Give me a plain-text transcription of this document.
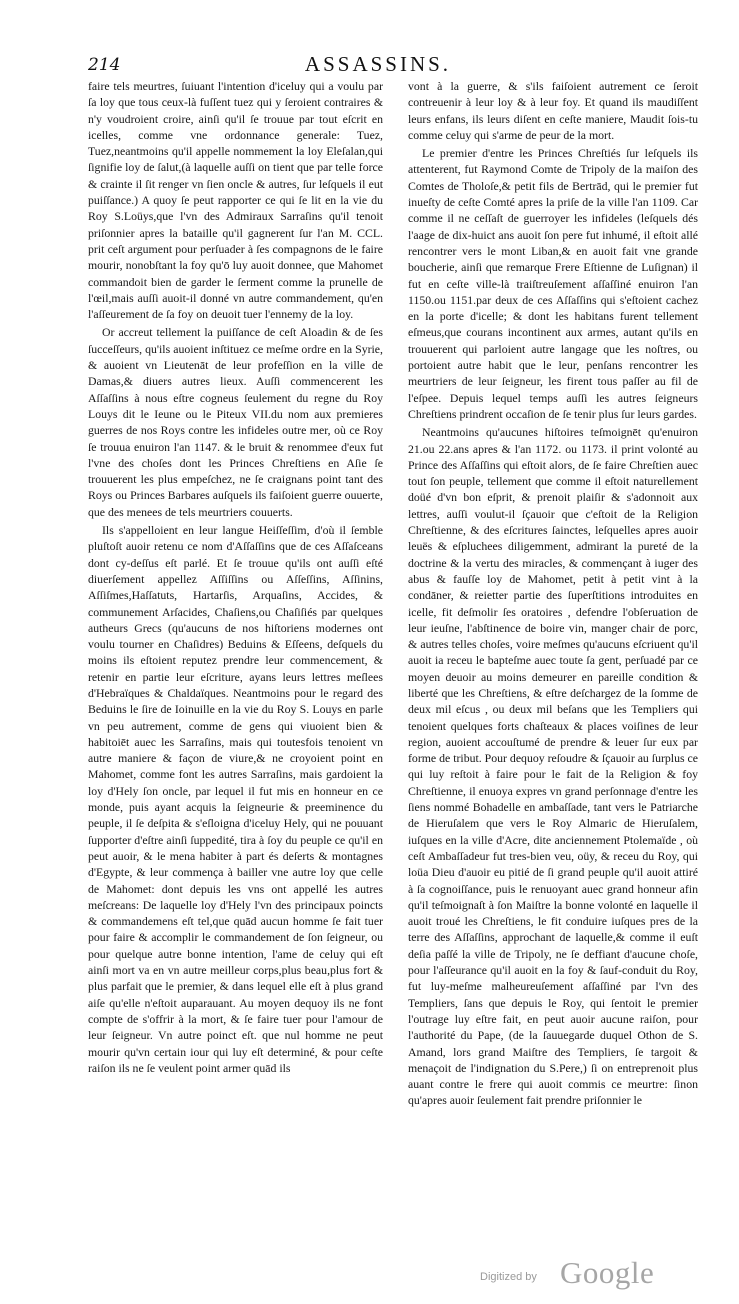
214	ASSASSINS.

faire tels meurtres, ſuiuant l'intention d'iceluy qui a voulu par ſa loy que tous ceux-là fuſſent tuez qui y ſeroient contraires & n'y voudroient croire, ainſi qu'il ſe trouue par tout eſcrit en icelles, comme vne ordonnance generale: Tuez, Tuez,neantmoins qu'il appelle nommement la loy Eleſalan,qui ſignifie loy de ſalut,(à laquelle auſſi on tient que par telle force & crainte il ſit renger vn ſien oncle & autres, ſur leſquels il eut puiſſance.) A quoy ſe peut rapporter ce qui ſe lit en la vie du Roy S.Loüys,que l'vn des Admiraux Sarraſins qu'il tenoit priſonnier apres la bataille qu'il gagnerent ſur l'an M. CCL. prit ceſt argument pour perſuader à ſes compagnons de le faire mourir, nonobſtant la foy qu'ō luy auoit donnee, que Mahomet commandoit bien de garder le ſerment comme la prunelle de l'œil,mais auſſi auoit-il donné vn autre commandement, qu'en l'aſſeurement de ſa foy on deuoit tuer l'ennemy de la loy.

Or accreut tellement la puiſſance de ceſt Aloadin & de ſes ſucceſſeurs, qu'ils auoient inſtituez ce meſme ordre en la Syrie, & auoient vn Lieutenāt de leur profeſſion en la ville de Damas,& diuers autres lieux. Auſſi commencerent les Aſſaſſins à nous eſtre cogneus ſeulement du regne du Roy Louys dit le Ieune ou le Piteux VII.du nom aux premieres guerres de nos Roys contre les infideles outre mer, où ce Roy ſe trouua enuiron l'an 1147. & le bruit & renommee d'eux fut l'vne des choſes dont les Princes Chreſtiens en Aſie ſe trouuerent les plus empeſchez, ne ſe craignans point tant des Roys ou Princes Barbares auſquels ils faiſoient guerre ouuerte, que des menees de tels meurtriers couuerts.

Ils s'appelloient en leur langue Heiſſeſſim, d'où il ſemble pluſtoſt auoir retenu ce nom d'Aſſaſſins que de ces Aſſaſceans dont cy-deſſus eſt parlé. Et ſe trouue qu'ils ont auſſi eſté diuerſement appellez Aſſiſſins ou Aſſeſſins, Aſſinins, Aſſiſmes,Haſſatuts, Hartarſis, Arquaſins, Accides, & communement Arſacides, Chaſiens,ou Chaſiſiés par quelques autheurs Grecs (qu'aucuns de nos hiſtoriens modernes ont voulu tourner en Chaſidres) Beduins & Eſſeens, deſquels du moins ils eſtoient reputez prendre leur commencement, & retenir en partie leur eſcriture, ayans leurs lettres meſlees d'Hebraïques & Chaldaïques. Neantmoins pour le regard des Beduins le ſire de Ioinuille en la vie du Roy S. Louys en parle vn peu autrement, comme de gens qui viuoient bien & habitoiēt auec les Sarraſins, mais qui toutesfois tenoient vn autre maniere & façon de viure,& ne croyoient point en Mahomet, comme font les autres Sarraſins, mais gardoient la loy d'Hely ſon oncle, par lequel il fut mis en honneur en ce monde, puis ayant acquis la ſeigneurie & preeminence du peuple, il ſe deſpita & s'eſloigna d'iceluy Hely, qui ne pouuant ſupporter d'eſtre ainſi ſuppedité, tira à ſoy du peuple ce qu'il en peut auoir, & le mena habiter à part és deſerts & montagnes d'Egypte, & leur commença à bailler vne autre loy que celle de Mahomet: dont depuis les vns ont appellé les autres meſcreans: De laquelle loy d'Hely l'vn des principaux poincts & commandemens eſt tel,que quād aucun homme ſe fait tuer pour faire & accomplir le commandement de ſon ſeigneur, ou pour quelque autre bonne intention, l'ame de celuy qui eſt ainſi mort va en vn autre meilleur corps,plus beau,plus fort & plus parfait que le premier, & dans lequel elle eſt à plus grand aiſe qu'elle n'eſtoit auparauant. Au moyen dequoy ils ne font compte de s'offrir à la mort, & ſe faire tuer pour l'amour de leur ſeigneur. Vn autre poinct eſt. que nul homme ne peut mourir qu'vn certain iour qui luy eſt determiné, & pour ceſte raiſon ils ne ſe veulent point armer quād ils

vont à la guerre, & s'ils faiſoient autrement ce ſeroit contreuenir à leur loy & à leur foy. Et quand ils maudiſſent leurs enfans, ils leurs diſent en ceſte maniere, Maudit ſois-tu comme celuy qui s'arme de peur de la mort.

Le premier d'entre les Princes Chreſtiés ſur leſquels ils attenterent, fut Raymond Comte de Tripoly de la maiſon des Comtes de Tholoſe,& petit fils de Bertrād, qui le premier fut inueſty de ceſte Comté apres la priſe de la ville l'an 1109. Car comme il ne ceſſaſt de guerroyer les infideles (leſquels dés l'aage de dix-huict ans auoit ſon pere fut inhumé, il eſtoit allé rencontrer vers le mont Liban,& en auoit fait vne grande boucherie, ainſi que remarque Frere Eſtienne de Luſignan) il fut en ceſte ville-là traiſtreuſement aſſaſſiné enuiron l'an 1150.ou 1151.par deux de ces Aſſaſſins qui s'eſtoient cachez en la porte d'icelle; & dont les habitans furent tellement eſmeus,que courans incontinent aux armes, autant qu'ils en trouuerent qui parloient autre langage que les noſtres, ou portoient autre habit que le leur, penſans rencontrer les meurtriers de leur ſeigneur, les firent tous paſſer au fil de l'eſpee. Depuis lequel temps auſſi les autres ſeigneurs Chreſtiens prindrent occaſion de ſe tenir plus ſur leurs gardes.

Neantmoins qu'aucunes hiſtoires teſmoignēt qu'enuiron 21.ou 22.ans apres & l'an 1172. ou 1173. il print volonté au Prince des Aſſaſſins qui eſtoit alors, de ſe faire Chreſtien auec tout ſon peuple, tellement que comme il eſtoit naturellement doüé d'vn bon eſprit, & prenoit plaiſir & s'adonnoit aux lettres, auſſi voulut-il ſçauoir que c'eſtoit de la Religion Chreſtienne, & des eſcritures ſainctes, leſquelles apres auoir leuës & eſpluchees diligemment, admirant la pureté de la doctrine & la vertu des miracles, & commençant à iuger des abus & fauſſe loy de Mahomet, petit à petit vint à la condāner, & reietter partie des ſuperſtitions introduites en icelle, fit deſmolir ſes oratoires , defendre l'obſeruation de leur ieuſne, l'abſtinence de boire vin, manger chair de porc, & autres telles choſes, voire meſmes qu'aucuns eſcriuent qu'il auoit ia receu le bapteſme auec toute ſa gent, perſuadé par ce moyen deuoir au moins demeurer en pareille condition & liberté que les Chreſtiens, & eſtre deſchargez de la ſomme de deux mil eſcus , ou deux mil beſans que les Templiers qui tenoient quelques forts chaſteaux & places voiſines de leur region, auoient accouſtumé de prendre & leuer ſur eux par forme de tribut. Pour dequoy reſoudre & ſçauoir au ſurplus ce qui luy reſtoit à faire pour le fait de la Religion & foy Chreſtienne, il enuoya expres vn grand perſonnage d'entre les ſiens nommé Bohadelle en ambaſſade, tant vers le Patriarche de Hieruſalem que vers le Roy Almaric de Hieruſalem, iuſques en la ville d'Acre, dite anciennement Ptolemaïde , où ceſt Ambaſſadeur fut tres-bien veu, oüy, & receu du Roy, qui loüa Dieu d'auoir eu pitié de ſi grand peuple qu'il auoit attiré à ſa cognoiſſance, puis le renuoyant auec grand honneur afin qu'il teſmoignaſt à ſon Maiſtre la bonne volonté en laquelle il auoit troué les Chreſtiens, le fit conduire iuſques pres de la terre des Aſſaſſins, approchant de laquelle,& comme il euſt deſia paſſé la ville de Tripoly, ne ſe deffiant d'aucune choſe, pour l'aſſeurance qu'il auoit en la foy & ſauf-conduit du Roy, fut luy-meſme malheureuſement aſſaſſiné par l'vn des Templiers, ſans que depuis le Roy, qui ſentoit le premier l'outrage luy eſtre fait, en peut auoir aucune raiſon, pour l'authorité du Pape, (de la ſauuegarde duquel Othon de S. Amand, lors grand Maiſtre des Templiers, ſe targoit & menaçoit de l'indignation du S.Pere,) ſi on entreprenoit plus auant contre le frere qui auoit commis ce meurtre: ſinon qu'apres auoir ſeulement fait prendre priſonnier le

Digitized by Google
